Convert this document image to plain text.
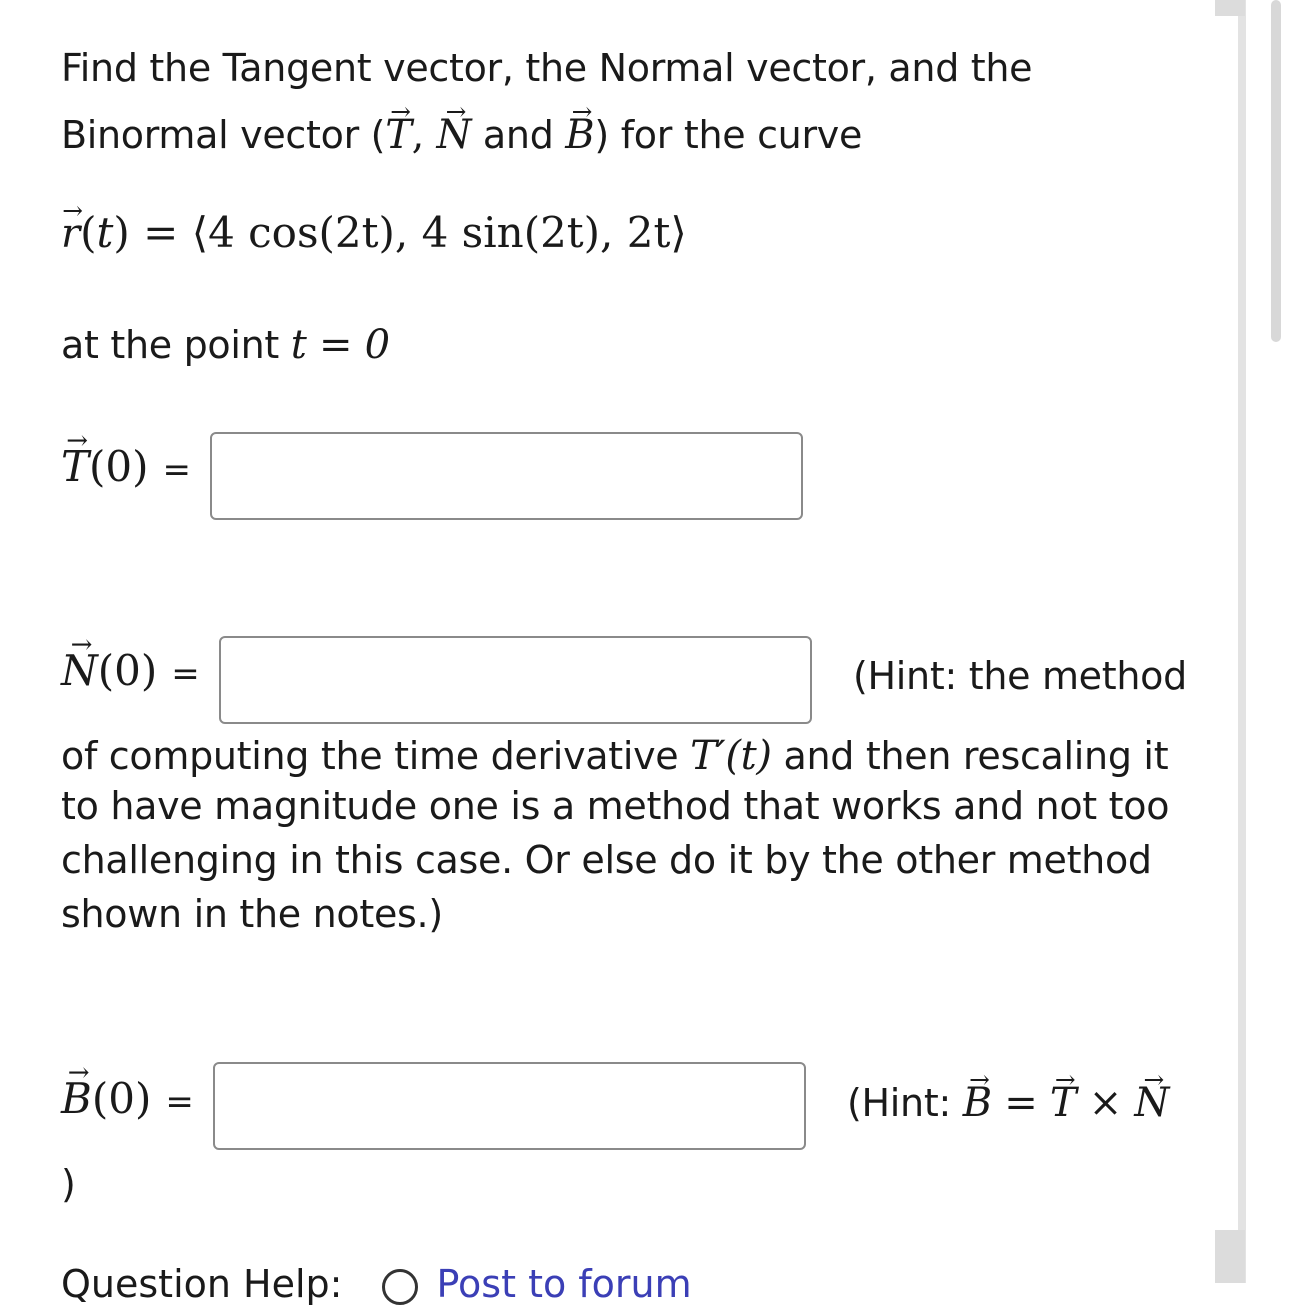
Find the Tangent vector, the Normal vector, and the
Binormal vector (→ T, → N and → B) for the curve
→ r(t) = ⟨4 cos(2t), 4 sin(2t), 2t⟩
at the point t = 0
→ T(0) =
→ N(0) =	(Hint: the method
of computing the time derivative T′(t) and then rescaling it
to have magnitude one is a method that works and not too
challenging in this case. Or else do it by the other method
shown in the notes.)
→ B(0) =	(Hint: → B = → T × → N
)
Question Help: Post to forum
